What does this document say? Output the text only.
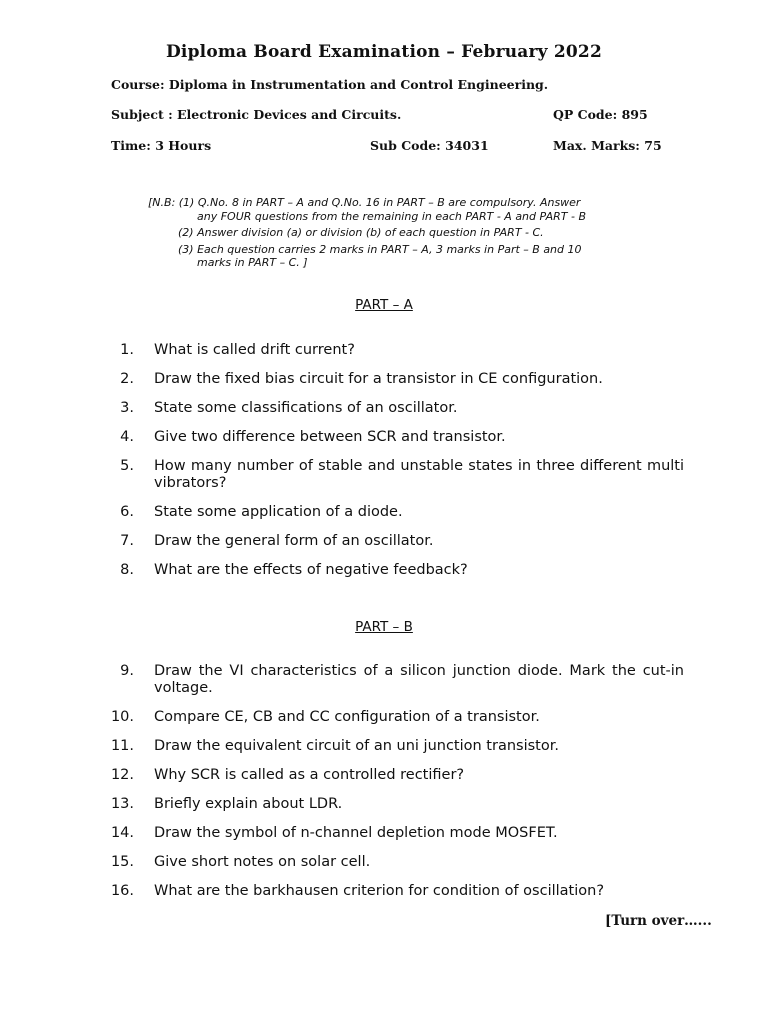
Diploma Board Examination – February 2022
Course: Diploma in Instrumentation and Control Engineering.
Subject : Electronic Devices and Circuits.	QP Code: 895
Time: 3 Hours	Sub Code: 34031	Max. Marks: 75
[N.B: (1) Q.No. 8 in PART – A and Q.No. 16 in PART – B are compulsory. Answer
any FOUR questions from the remaining in each PART - A and PART - B
(2) Answer division (a) or division (b) of each question in PART - C.
(3) Each question carries 2 marks in PART – A, 3 marks in Part – B and 10
marks in PART – C. ]
PART – A
1. What is called drift current?
2. Draw the fixed bias circuit for a transistor in CE configuration.
3. State some classifications of an oscillator.
4. Give two difference between SCR and transistor.
5. How many number of stable and unstable states in three different multi vibrators?
6. State some application of a diode.
7. Draw the general form of an oscillator.
8. What are the effects of negative feedback?
PART – B
9. Draw the VI characteristics of a silicon junction diode. Mark the cut-in voltage.
10. Compare CE, CB and CC configuration of a transistor.
11. Draw the equivalent circuit of an uni junction transistor.
12. Why SCR is called as a controlled rectifier?
13. Briefly explain about LDR.
14. Draw the symbol of n-channel depletion mode MOSFET.
15. Give short notes on solar cell.
16. What are the barkhausen criterion for condition of oscillation?
[Turn over…...
